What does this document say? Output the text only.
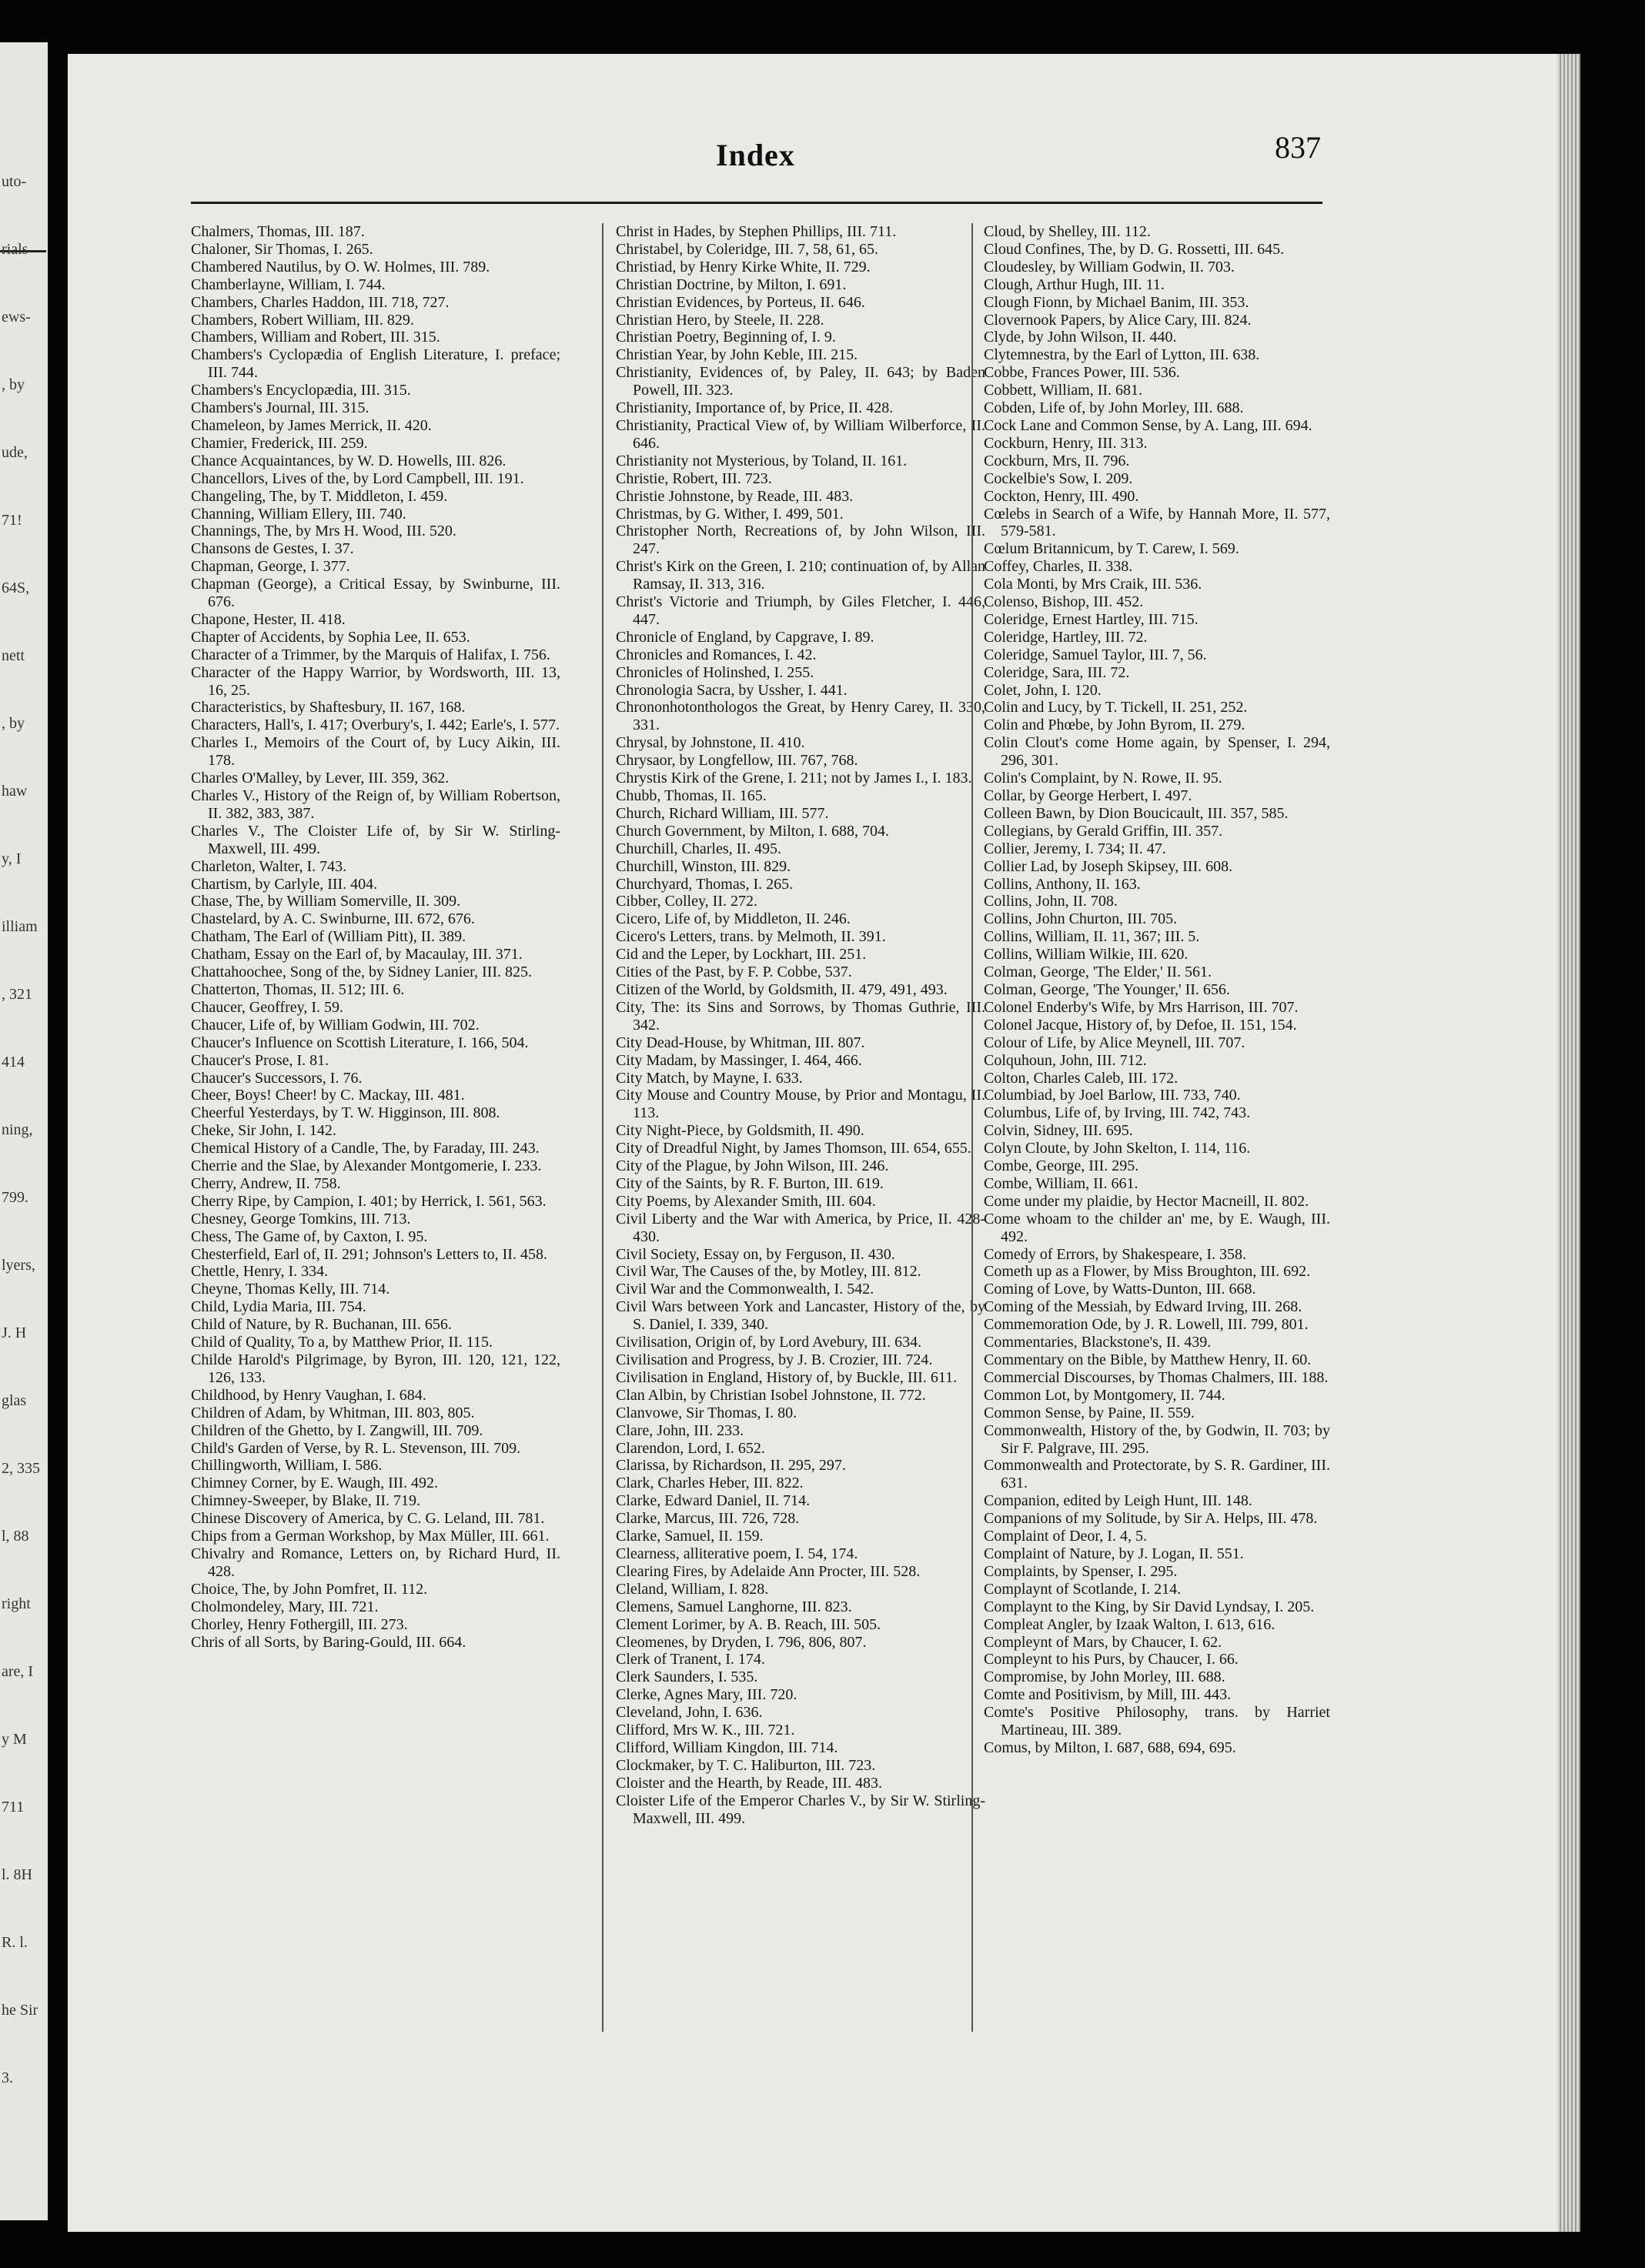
uto-
rials
ews-
, by
ude,
71!
64S,
nett
, by
haw
y, I
illiam
, 321
414
ning,
799.
lyers,
J. H
glas
2, 335
l, 88
right
are, I
y M
711
l. 8H
R. l.
he Sir
3.
Index	837

Chalmers, Thomas, III. 187.

Chaloner, Sir Thomas, I. 265.

Chambered Nautilus, by O. W. Holmes, III. 789.

Chamberlayne, William, I. 744.

Chambers, Charles Haddon, III. 718, 727.

Chambers, Robert William, III. 829.

Chambers, William and Robert, III. 315.

Chambers's Cyclopædia of English Literature, I. preface; III. 744.

Chambers's Encyclopædia, III. 315.

Chambers's Journal, III. 315.

Chameleon, by James Merrick, II. 420.

Chamier, Frederick, III. 259.

Chance Acquaintances, by W. D. Howells, III. 826.

Chancellors, Lives of the, by Lord Campbell, III. 191.

Changeling, The, by T. Middleton, I. 459.

Channing, William Ellery, III. 740.

Channings, The, by Mrs H. Wood, III. 520.

Chansons de Gestes, I. 37.

Chapman, George, I. 377.

Chapman (George), a Critical Essay, by Swinburne, III. 676.

Chapone, Hester, II. 418.

Chapter of Accidents, by Sophia Lee, II. 653.

Character of a Trimmer, by the Marquis of Halifax, I. 756.

Character of the Happy Warrior, by Wordsworth, III. 13, 16, 25.

Characteristics, by Shaftesbury, II. 167, 168.

Characters, Hall's, I. 417; Overbury's, I. 442; Earle's, I. 577.

Charles I., Memoirs of the Court of, by Lucy Aikin, III. 178.

Charles O'Malley, by Lever, III. 359, 362.

Charles V., History of the Reign of, by William Robertson, II. 382, 383, 387.

Charles V., The Cloister Life of, by Sir W. Stirling-Maxwell, III. 499.

Charleton, Walter, I. 743.

Chartism, by Carlyle, III. 404.

Chase, The, by William Somerville, II. 309.

Chastelard, by A. C. Swinburne, III. 672, 676.

Chatham, The Earl of (William Pitt), II. 389.

Chatham, Essay on the Earl of, by Macaulay, III. 371.

Chattahoochee, Song of the, by Sidney Lanier, III. 825.

Chatterton, Thomas, II. 512; III. 6.

Chaucer, Geoffrey, I. 59.

Chaucer, Life of, by William Godwin, III. 702.

Chaucer's Influence on Scottish Literature, I. 166, 504.

Chaucer's Prose, I. 81.

Chaucer's Successors, I. 76.

Cheer, Boys! Cheer! by C. Mackay, III. 481.

Cheerful Yesterdays, by T. W. Higginson, III. 808.

Cheke, Sir John, I. 142.

Chemical History of a Candle, The, by Faraday, III. 243.

Cherrie and the Slae, by Alexander Montgomerie, I. 233.

Cherry, Andrew, II. 758.

Cherry Ripe, by Campion, I. 401; by Herrick, I. 561, 563.

Chesney, George Tomkins, III. 713.

Chess, The Game of, by Caxton, I. 95.

Chesterfield, Earl of, II. 291; Johnson's Letters to, II. 458.

Chettle, Henry, I. 334.

Cheyne, Thomas Kelly, III. 714.

Child, Lydia Maria, III. 754.

Child of Nature, by R. Buchanan, III. 656.

Child of Quality, To a, by Matthew Prior, II. 115.

Childe Harold's Pilgrimage, by Byron, III. 120, 121, 122, 126, 133.

Childhood, by Henry Vaughan, I. 684.

Children of Adam, by Whitman, III. 803, 805.

Children of the Ghetto, by I. Zangwill, III. 709.

Child's Garden of Verse, by R. L. Stevenson, III. 709.

Chillingworth, William, I. 586.

Chimney Corner, by E. Waugh, III. 492.

Chimney-Sweeper, by Blake, II. 719.

Chinese Discovery of America, by C. G. Leland, III. 781.

Chips from a German Workshop, by Max Müller, III. 661.

Chivalry and Romance, Letters on, by Richard Hurd, II. 428.

Choice, The, by John Pomfret, II. 112.

Cholmondeley, Mary, III. 721.

Chorley, Henry Fothergill, III. 273.

Chris of all Sorts, by Baring-Gould, III. 664.

Christ in Hades, by Stephen Phillips, III. 711.

Christabel, by Coleridge, III. 7, 58, 61, 65.

Christiad, by Henry Kirke White, II. 729.

Christian Doctrine, by Milton, I. 691.

Christian Evidences, by Porteus, II. 646.

Christian Hero, by Steele, II. 228.

Christian Poetry, Beginning of, I. 9.

Christian Year, by John Keble, III. 215.

Christianity, Evidences of, by Paley, II. 643; by Baden Powell, III. 323.

Christianity, Importance of, by Price, II. 428.

Christianity, Practical View of, by William Wilberforce, II. 646.

Christianity not Mysterious, by Toland, II. 161.

Christie, Robert, III. 723.

Christie Johnstone, by Reade, III. 483.

Christmas, by G. Wither, I. 499, 501.

Christopher North, Recreations of, by John Wilson, III. 247.

Christ's Kirk on the Green, I. 210; continuation of, by Allan Ramsay, II. 313, 316.

Christ's Victorie and Triumph, by Giles Fletcher, I. 446, 447.

Chronicle of England, by Capgrave, I. 89.

Chronicles and Romances, I. 42.

Chronicles of Holinshed, I. 255.

Chronologia Sacra, by Ussher, I. 441.

Chrononhotonthologos the Great, by Henry Carey, II. 330, 331.

Chrysal, by Johnstone, II. 410.

Chrysaor, by Longfellow, III. 767, 768.

Chrystis Kirk of the Grene, I. 211; not by James I., I. 183.

Chubb, Thomas, II. 165.

Church, Richard William, III. 577.

Church Government, by Milton, I. 688, 704.

Churchill, Charles, II. 495.

Churchill, Winston, III. 829.

Churchyard, Thomas, I. 265.

Cibber, Colley, II. 272.

Cicero, Life of, by Middleton, II. 246.

Cicero's Letters, trans. by Melmoth, II. 391.

Cid and the Leper, by Lockhart, III. 251.

Cities of the Past, by F. P. Cobbe, 537.

Citizen of the World, by Goldsmith, II. 479, 491, 493.

City, The: its Sins and Sorrows, by Thomas Guthrie, III. 342.

City Dead-House, by Whitman, III. 807.

City Madam, by Massinger, I. 464, 466.

City Match, by Mayne, I. 633.

City Mouse and Country Mouse, by Prior and Montagu, II. 113.

City Night-Piece, by Goldsmith, II. 490.

City of Dreadful Night, by James Thomson, III. 654, 655.

City of the Plague, by John Wilson, III. 246.

City of the Saints, by R. F. Burton, III. 619.

City Poems, by Alexander Smith, III. 604.

Civil Liberty and the War with America, by Price, II. 428-430.

Civil Society, Essay on, by Ferguson, II. 430.

Civil War, The Causes of the, by Motley, III. 812.

Civil War and the Commonwealth, I. 542.

Civil Wars between York and Lancaster, History of the, by S. Daniel, I. 339, 340.

Civilisation, Origin of, by Lord Avebury, III. 634.

Civilisation and Progress, by J. B. Crozier, III. 724.

Civilisation in England, History of, by Buckle, III. 611.

Clan Albin, by Christian Isobel Johnstone, II. 772.

Clanvowe, Sir Thomas, I. 80.

Clare, John, III. 233.

Clarendon, Lord, I. 652.

Clarissa, by Richardson, II. 295, 297.

Clark, Charles Heber, III. 822.

Clarke, Edward Daniel, II. 714.

Clarke, Marcus, III. 726, 728.

Clarke, Samuel, II. 159.

Clearness, alliterative poem, I. 54, 174.

Clearing Fires, by Adelaide Ann Procter, III. 528.

Cleland, William, I. 828.

Clemens, Samuel Langhorne, III. 823.

Clement Lorimer, by A. B. Reach, III. 505.

Cleomenes, by Dryden, I. 796, 806, 807.

Clerk of Tranent, I. 174.

Clerk Saunders, I. 535.

Clerke, Agnes Mary, III. 720.

Cleveland, John, I. 636.

Clifford, Mrs W. K., III. 721.

Clifford, William Kingdon, III. 714.

Clockmaker, by T. C. Haliburton, III. 723.

Cloister and the Hearth, by Reade, III. 483.

Cloister Life of the Emperor Charles V., by Sir W. Stirling-Maxwell, III. 499.

Cloud, by Shelley, III. 112.

Cloud Confines, The, by D. G. Rossetti, III. 645.

Cloudesley, by William Godwin, II. 703.

Clough, Arthur Hugh, III. 11.

Clough Fionn, by Michael Banim, III. 353.

Clovernook Papers, by Alice Cary, III. 824.

Clyde, by John Wilson, II. 440.

Clytemnestra, by the Earl of Lytton, III. 638.

Cobbe, Frances Power, III. 536.

Cobbett, William, II. 681.

Cobden, Life of, by John Morley, III. 688.

Cock Lane and Common Sense, by A. Lang, III. 694.

Cockburn, Henry, III. 313.

Cockburn, Mrs, II. 796.

Cockelbie's Sow, I. 209.

Cockton, Henry, III. 490.

Cœlebs in Search of a Wife, by Hannah More, II. 577, 579-581.

Cœlum Britannicum, by T. Carew, I. 569.

Coffey, Charles, II. 338.

Cola Monti, by Mrs Craik, III. 536.

Colenso, Bishop, III. 452.

Coleridge, Ernest Hartley, III. 715.

Coleridge, Hartley, III. 72.

Coleridge, Samuel Taylor, III. 7, 56.

Coleridge, Sara, III. 72.

Colet, John, I. 120.

Colin and Lucy, by T. Tickell, II. 251, 252.

Colin and Phœbe, by John Byrom, II. 279.

Colin Clout's come Home again, by Spenser, I. 294, 296, 301.

Colin's Complaint, by N. Rowe, II. 95.

Collar, by George Herbert, I. 497.

Colleen Bawn, by Dion Boucicault, III. 357, 585.

Collegians, by Gerald Griffin, III. 357.

Collier, Jeremy, I. 734; II. 47.

Collier Lad, by Joseph Skipsey, III. 608.

Collins, Anthony, II. 163.

Collins, John, II. 708.

Collins, John Churton, III. 705.

Collins, William, II. 11, 367; III. 5.

Collins, William Wilkie, III. 620.

Colman, George, 'The Elder,' II. 561.

Colman, George, 'The Younger,' II. 656.

Colonel Enderby's Wife, by Mrs Harrison, III. 707.

Colonel Jacque, History of, by Defoe, II. 151, 154.

Colour of Life, by Alice Meynell, III. 707.

Colquhoun, John, III. 712.

Colton, Charles Caleb, III. 172.

Columbiad, by Joel Barlow, III. 733, 740.

Columbus, Life of, by Irving, III. 742, 743.

Colvin, Sidney, III. 695.

Colyn Cloute, by John Skelton, I. 114, 116.

Combe, George, III. 295.

Combe, William, II. 661.

Come under my plaidie, by Hector Macneill, II. 802.

Come whoam to the childer an' me, by E. Waugh, III. 492.

Comedy of Errors, by Shakespeare, I. 358.

Cometh up as a Flower, by Miss Broughton, III. 692.

Coming of Love, by Watts-Dunton, III. 668.

Coming of the Messiah, by Edward Irving, III. 268.

Commemoration Ode, by J. R. Lowell, III. 799, 801.

Commentaries, Blackstone's, II. 439.

Commentary on the Bible, by Matthew Henry, II. 60.

Commercial Discourses, by Thomas Chalmers, III. 188.

Common Lot, by Montgomery, II. 744.

Common Sense, by Paine, II. 559.

Commonwealth, History of the, by Godwin, II. 703; by Sir F. Palgrave, III. 295.

Commonwealth and Protectorate, by S. R. Gardiner, III. 631.

Companion, edited by Leigh Hunt, III. 148.

Companions of my Solitude, by Sir A. Helps, III. 478.

Complaint of Deor, I. 4, 5.

Complaint of Nature, by J. Logan, II. 551.

Complaints, by Spenser, I. 295.

Complaynt of Scotlande, I. 214.

Complaynt to the King, by Sir David Lyndsay, I. 205.

Compleat Angler, by Izaak Walton, I. 613, 616.

Compleynt of Mars, by Chaucer, I. 62.

Compleynt to his Purs, by Chaucer, I. 66.

Compromise, by John Morley, III. 688.

Comte and Positivism, by Mill, III. 443.

Comte's Positive Philosophy, trans. by Harriet Martineau, III. 389.

Comus, by Milton, I. 687, 688, 694, 695.
